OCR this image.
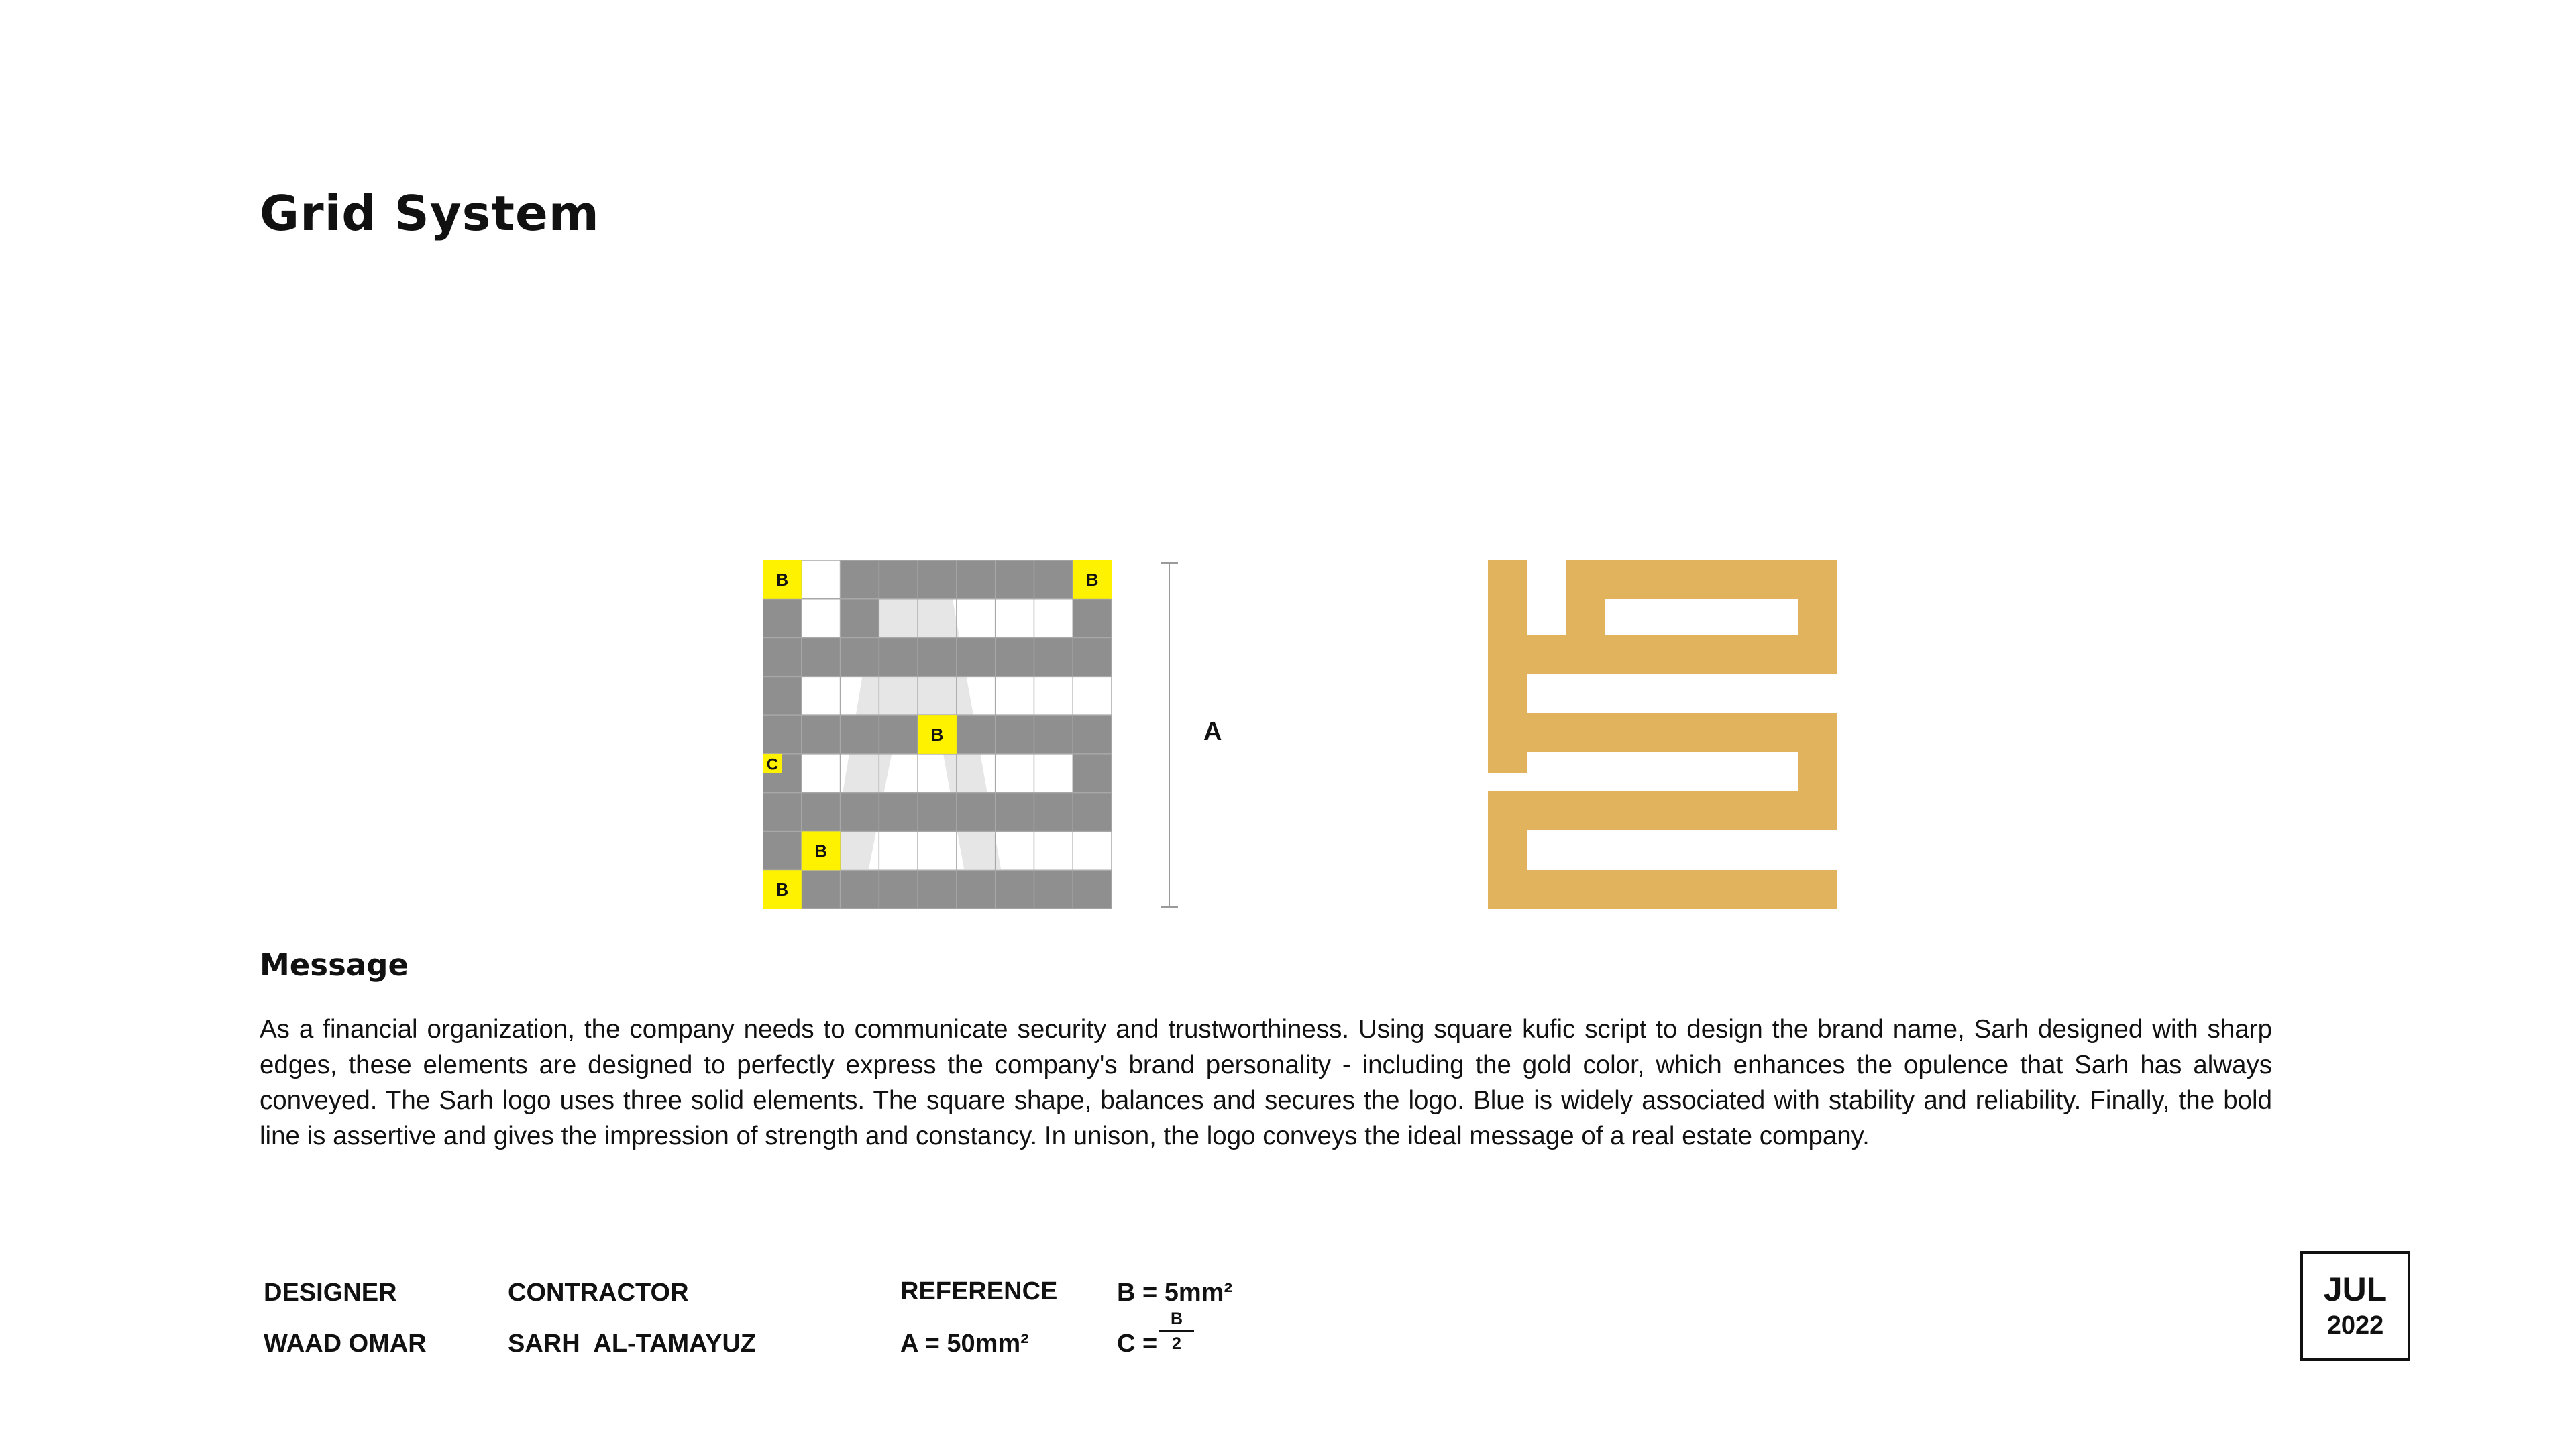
Grid System
B	B
B
B
B
C
A
Message

As a financial organization, the company needs to communicate security and trustworthiness. Using square kufic script to design the brand name, Sarh designed with sharp edges, these elements are designed to perfectly express the company's brand personality - including the gold color, which enhances the opulence that Sarh has always conveyed. The Sarh logo uses three solid elements. The square shape, balances and secures the logo. Blue is widely associated with stability and reliability. Finally, the bold line is assertive and gives the impression of strength and constancy. In unison, the logo conveys the ideal message of a real estate company.

DESIGNER
WAAD OMAR
CONTRACTOR
SARH  AL-TAMAYUZ
REFERENCE
A = 50mm²
B = 5mm²
C =
B
2
JUL
2022
